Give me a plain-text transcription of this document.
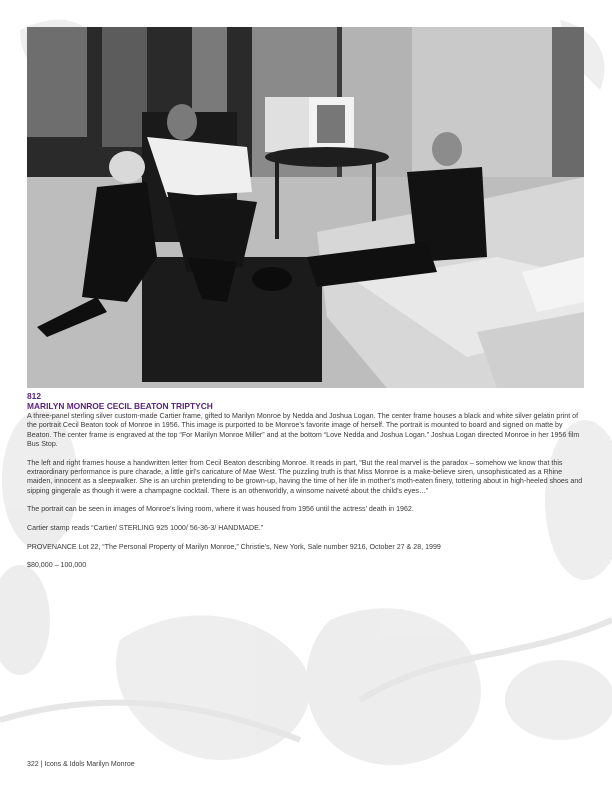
812
MARILYN MONROE CECIL BEATON TRIPTYCH

A three-panel sterling silver custom-made Cartier frame, gifted to Marilyn Monroe by Nedda and Joshua Logan. The center frame houses a black and white silver gelatin print of the portrait Cecil Beaton took of Monroe in 1956. This image is purported to be Monroe’s favorite image of herself. The portrait is mounted to board and signed on matte by Beaton. The center frame is engraved at the top “For Marilyn Monroe Miller” and at the bottom “Love Nedda and Joshua Logan.” Joshua Logan directed Monroe in her 1956 film Bus Stop.

The left and right frames house a handwritten letter from Cecil Beaton describing Monroe. It reads in part, “But the real marvel is the paradox – somehow we know that this extraordinary performance is pure charade, a little girl’s caricature of Mae West. The puzzling truth is that Miss Monroe is a make-believe siren, unsophisticated as a Rhine maiden, innocent as a sleepwalker. She is an urchin pretending to be grown-up, having the time of her life in mother’s moth-eaten finery, tottering about in high-heeled shoes and sipping gingerale as though it were a champagne cocktail. There is an otherworldly, a winsome naiveté about the child’s eyes…”

The portrait can be seen in images of Monroe’s living room, where it was housed from 1956 until the actress’ death in 1962.

Cartier stamp reads “Cartier/ STERLING 925 1000/ 56-36-3/ HANDMADE.”

PROVENANCE Lot 22, “The Personal Property of Marilyn Monroe,” Christie’s, New York, Sale number 9216, October 27 & 28, 1999

$80,000 – 100,000

322 | Icons & Idols Marilyn Monroe
